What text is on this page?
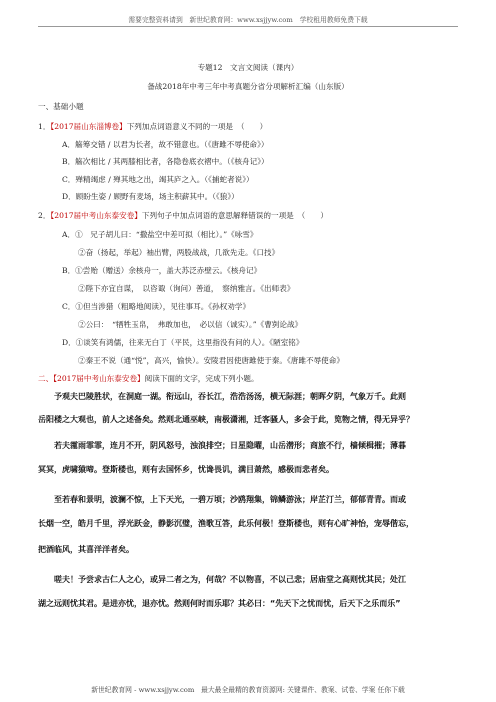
需要完整资料请到　新世纪教育网：www.xsjjyw.com　学校租用教师免费下载
专题12　文言文阅读（课内）
备战2018年中考三年中考真题分省分项解析汇编（山东版）
一、基础小题
1．【2017届山东淄博卷】下列加点词语意义不同的一项是　（　　）
A．觞筹交错 / 以君为长者，故不错意也。（《唐雎不辱使命》）
B．觞次相比 / 其两膝相比者，各隐卷底衣褶中。（《核舟记》）
C．殚精竭虑 / 殚其地之出，竭其庐之入。（《捕蛇者说》）
D．顾盼生姿 / 顾野有麦场，场主积薪其中。（《狼》）
2．【2017届中考山东泰安卷】下列句子中加点词语的意思解释错误的一项是　（　　）
A．①　兄子胡儿曰：“撒盐空中差可拟（相比）。”《咏雪》
②奋（扬起，举起）袖出臂，两股战战，几欲先走。《口技》
B．①尝贻（赠送）余核舟一，盖大苏泛赤壁云。《核舟记》
②陛下亦宜自谋，　以咨诹（询问）善道，　察纳雅言。《出师表》
C．①但当涉猎（粗略地阅读），见往事耳。《孙权劝学》
②公曰：　“牺牲玉帛，　弗敢加也，　必以信（诚实）。”《曹刿论战》
D．①谈笑有鸿儒，往来无白丁（平民，这里指没有问的人）。《陋室铭》
②秦王不说（通“悦”，高兴，愉快）。安陵君因使唐雎使于秦。《唐雎不辱使命》
二、【2017届中考山东泰安卷】阅读下面的文字，完成下列小题。
　　予观夫巴陵胜状，在洞庭一湖。衔远山，吞长江，浩浩汤汤，横无际涯；朝晖夕阴，气象万千。此则
岳阳楼之大观也，前人之述备矣。然则北通巫峡，南极潇湘，迁客骚人，多会于此，览物之情，得无异乎？
　　若夫霪雨霏霏，连月不开，阴风怒号，浊浪排空；日星隐曜，山岳潜形；商旅不行，樯倾楫摧；薄暮
冥冥，虎啸猿啼。登斯楼也，则有去国怀乡，忧谗畏讥，满目萧然，感极而悲者矣。
　　至若春和景明，波澜不惊，上下天光，一碧万顷；沙鸥翔集，锦鳞游泳；岸芷汀兰，郁郁青青。而或
长烟一空，皓月千里，浮光跃金，静影沉璧，渔歌互答，此乐何极！登斯楼也，则有心旷神怡，宠辱偕忘，
把酒临风，其喜洋洋者矣。
　　嗟夫！予尝求古仁人之心，或异二者之为，何哉？不以物喜，不以己悲；居庙堂之高则忧其民；处江
湖之远则忧其君。是进亦忧，退亦忧。然则何时而乐耶？其必曰：“先天下之忧而忧，后天下之乐而乐”
新世纪教育网 - www.xsjjyw.com　最大最全最精的教育资源网: 关键课件、教案、试卷、学案 任你下载
